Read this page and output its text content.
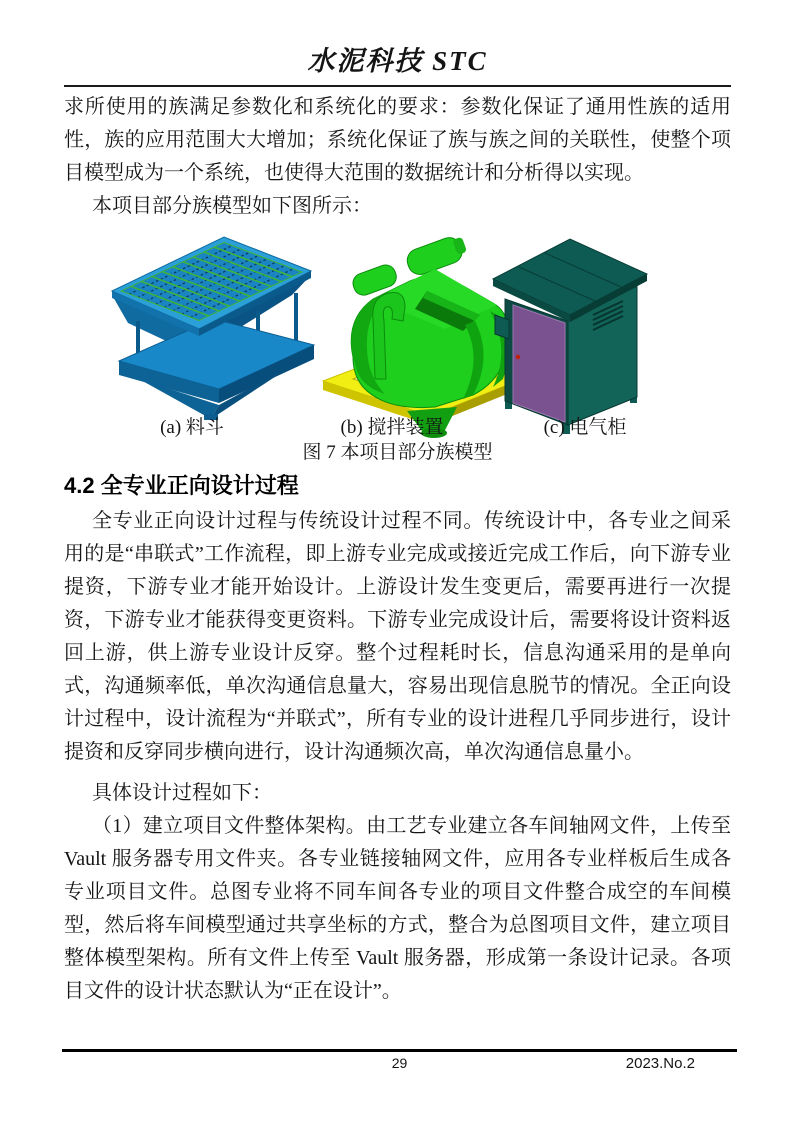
水泥科技 STC

求所使用的族满足参数化和系统化的要求：参数化保证了通用性族的适用性，族的应用范围大大增加；系统化保证了族与族之间的关联性，使整个项目模型成为一个系统，也使得大范围的数据统计和分析得以实现。

本项目部分族模型如下图所示：

(a) 料斗	(b) 搅拌装置	(c) 电气柜
图 7 本项目部分族模型
4.2 全专业正向设计过程

全专业正向设计过程与传统设计过程不同。传统设计中，各专业之间采用的是“串联式”工作流程，即上游专业完成或接近完成工作后，向下游专业提资，下游专业才能开始设计。上游设计发生变更后，需要再进行一次提资，下游专业才能获得变更资料。下游专业完成设计后，需要将设计资料返回上游，供上游专业设计反穿。整个过程耗时长，信息沟通采用的是单向式，沟通频率低，单次沟通信息量大，容易出现信息脱节的情况。全正向设计过程中，设计流程为“并联式”，所有专业的设计进程几乎同步进行，设计提资和反穿同步横向进行，设计沟通频次高，单次沟通信息量小。

具体设计过程如下：

（1）建立项目文件整体架构。由工艺专业建立各车间轴网文件，上传至 Vault 服务器专用文件夹。各专业链接轴网文件，应用各专业样板后生成各专业项目文件。总图专业将不同车间各专业的项目文件整合成空的车间模型，然后将车间模型通过共享坐标的方式，整合为总图项目文件，建立项目整体模型架构。所有文件上传至 Vault 服务器，形成第一条设计记录。各项目文件的设计状态默认为“正在设计”。

29	2023.No.2
